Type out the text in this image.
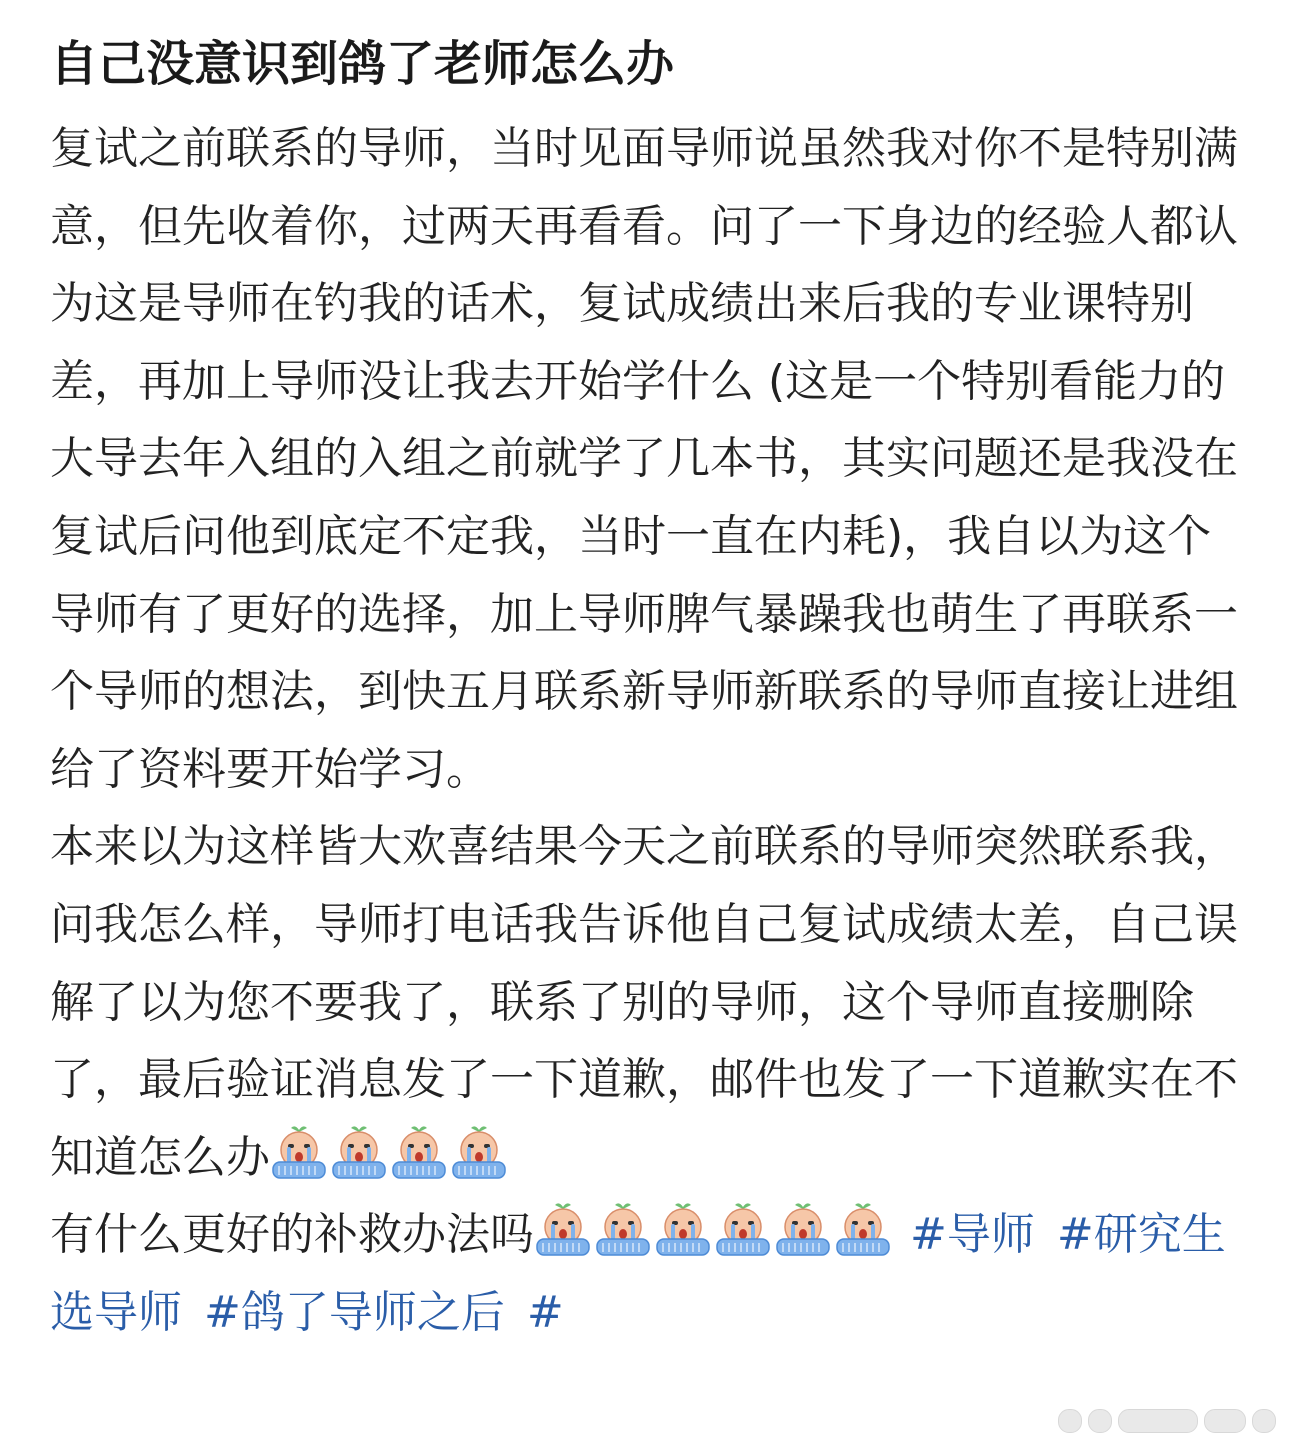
自己没意识到鸽了老师怎么办

复试之前联系的导师，当时见面导师说虽然我对你不是特别满意，但先收着你，过两天再看看。问了一下身边的经验人都认为这是导师在钓我的话术，复试成绩出来后我的专业课特别差，再加上导师没让我去开始学什么 (这是一个特别看能力的大导去年入组的入组之前就学了几本书，其实问题还是我没在复试后问他到底定不定我，当时一直在内耗)，我自以为这个导师有了更好的选择，加上导师脾气暴躁我也萌生了再联系一个导师的想法，到快五月联系新导师新联系的导师直接让进组给了资料要开始学习。
本来以为这样皆大欢喜结果今天之前联系的导师突然联系我，问我怎么样，导师打电话我告诉他自己复试成绩太差，自己误解了以为您不要我了，联系了别的导师，这个导师直接删除了，最后验证消息发了一下道歉，邮件也发了一下道歉实在不知道怎么办

有什么更好的补救办法吗	#导师 #研究生选导师 #鸽了导师之后 #
